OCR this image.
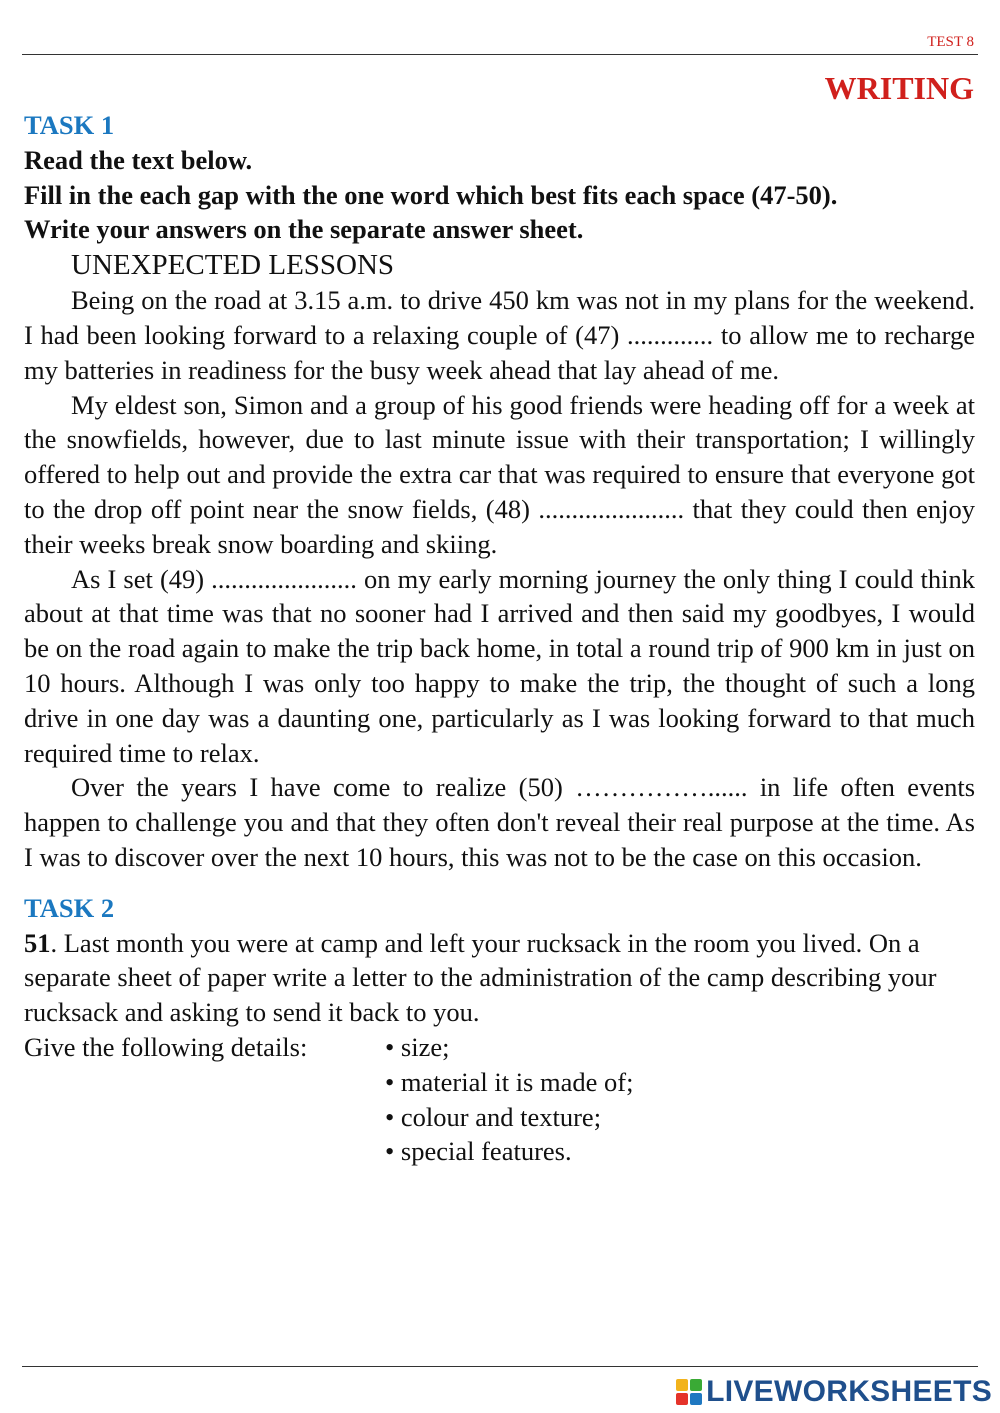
TEST 8
WRITING

TASK 1

Read the text below.

Fill in the each gap with the one word which best fits each space (47-50).

Write your answers on the separate answer sheet.

UNEXPECTED LESSONS

Being on the road at 3.15 a.m. to drive 450 km was not in my plans for the weekend. I had been looking forward to a relaxing couple of (47) ............. to allow me to recharge my batteries in readiness for the busy week ahead that lay ahead of me.

My eldest son, Simon and a group of his good friends were heading off for a week at the snowfields, however, due to last minute issue with their transportation; I willingly offered to help out and provide the extra car that was required to ensure that everyone got to the drop off point near the snow fields, (48) ...................... that they could then enjoy their weeks break snow boarding and skiing.

As I set (49) ...................... on my early morning journey the only thing I could think about at that time was that no sooner had I arrived and then said my goodbyes, I would be on the road again to make the trip back home, in total a round trip of 900 km in just on 10 hours. Although I was only too happy to make the trip, the thought of such a long drive in one day was a daunting one, particularly as I was looking forward to that much required time to relax.

Over the years I have come to realize (50) ……………...... in life often events happen to challenge you and that they often don't reveal their real purpose at the time. As I was to discover over the next 10 hours, this was not to be the case on this occasion.

TASK 2

51. Last month you were at camp and left your rucksack in the room you lived. On a separate sheet of paper write a letter to the administration of the camp describing your rucksack and asking to send it back to you.

Give the following details:	• size;
• material it is made of;
• colour and texture;
• special features.
LIVEWORKSHEETS
